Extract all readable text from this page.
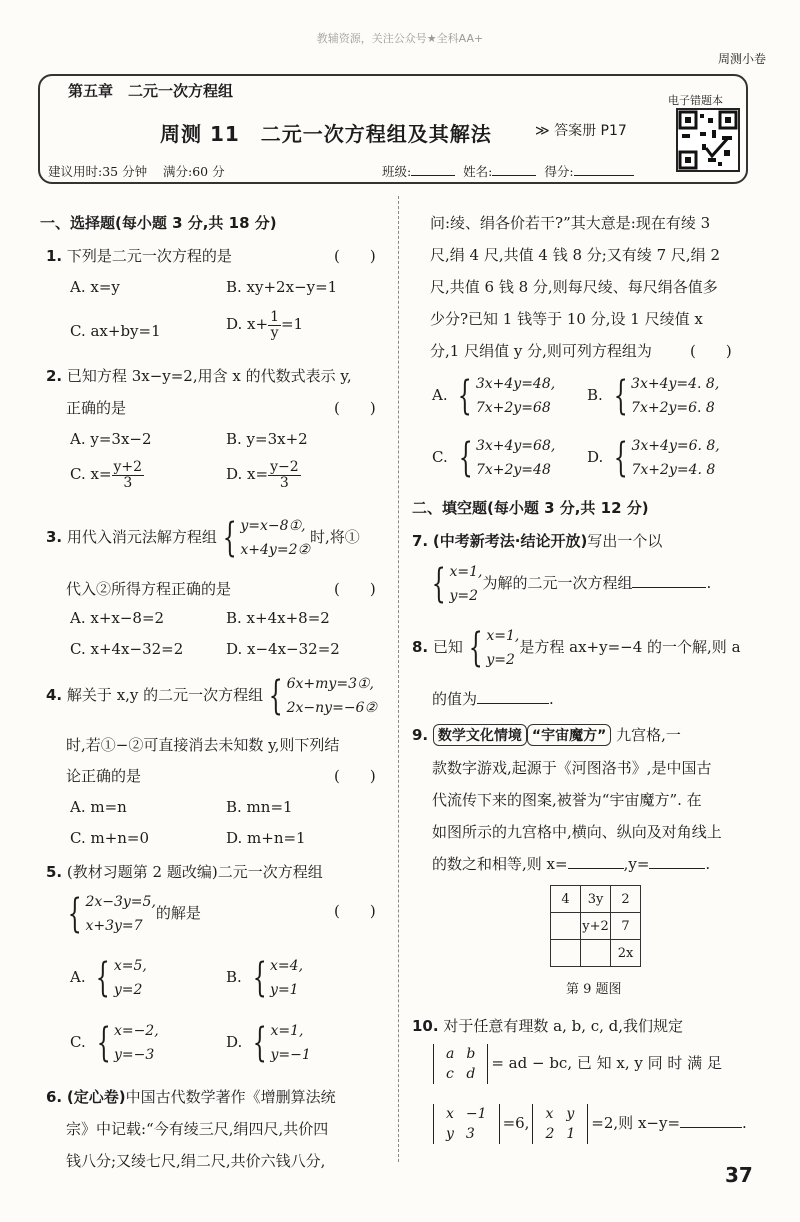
教辅资源，关注公众号★全科AA+
周测小卷
第五章　二元一次方程组
周测 11　二元一次方程组及其解法	≫ 答案册 P17
电子错题本
建议用时:35 分钟 满分:60 分	班级:	姓名:	得分:
一、选择题(每小题 3 分,共 18 分)
1. 下列是二元一次方程的是	(　　)
A. x=y	B. xy+2x−y=1
C. ax+by=1	D. $x+ \frac{1}{y} =1$
2. 已知方程 3x−y=2,用含 x 的代数式表示 y,
正确的是	(　　)
A. y=3x−2	B. y=3x+2
C. $x= \frac{y+2}{3}$	D. $x= \frac{y-2}{3}$
3. 用代入消元法解方程组 { y=x−8①,
x+4y=2②
时,将①
代入②所得方程正确的是	(　　)
A. x+x−8=2	B. x+4x+8=2
C. x+4x−32=2	D. x−4x−32=2
4. 解关于 x,y 的二元一次方程组 { 6x+my=3①,
2x−ny=−6②
时,若①−②可直接消去未知数 y,则下列结
论正确的是	(　　)
A. m=n	B. mn=1
C. m+n=0	D. m+n=1
5. (教材习题第 2 题改编)二元一次方程组
{ 2x−3y=5,
x+3y=7
的解是	(　　)
A. { x=5,
y=2
B. { x=4,
y=1
C. { x=−2,
y=−3
D. { x=1,
y=−1
6. (定心卷)中国古代数学著作《增删算法统
宗》中记载:“今有绫三尺,绢四尺,共价四
钱八分;又绫七尺,绢二尺,共价六钱八分,
问:绫、绢各价若干?”其大意是:现在有绫 3
尺,绢 4 尺,共值 4 钱 8 分;又有绫 7 尺,绢 2
尺,共值 6 钱 8 分,则每尺绫、每尺绢各值多
少分?已知 1 钱等于 10 分,设 1 尺绫值 x
分,1 尺绢值 y 分,则可列方程组为	(　　)
A. { 3x+4y=48,
7x+2y=68
B. { 3x+4y=4. 8,
7x+2y=6. 8
C. { 3x+4y=68,
7x+2y=48
D. { 3x+4y=6. 8,
7x+2y=4. 8
二、填空题(每小题 3 分,共 12 分)
7. (中考新考法·结论开放)写出一个以
{ x=1,
y=2
为解的二元一次方程组	.
8. 已知 { x=1,
y=2
是方程 ax+y=−4 的一个解,则 a
的值为	.
9. 数学文化情境 “宇宙魔方” 九宫格,一
款数字游戏,起源于《河图洛书》,是中国古
代流传下来的图案,被誉为“宇宙魔方”. 在
如图所示的九宫格中,横向、纵向及对角线上
的数之和相等,则 x=	,y=	.
4	3y	2
	y+2	7
		2x
第 9 题图
10. 对于任意有理数 a, b, c, d,我们规定
a	b
c	d
= ad − bc, 已 知 x, y 同 时 满 足
x	−1
y	3
=6, x	y
2	1
=2,则 x−y=	.
37
